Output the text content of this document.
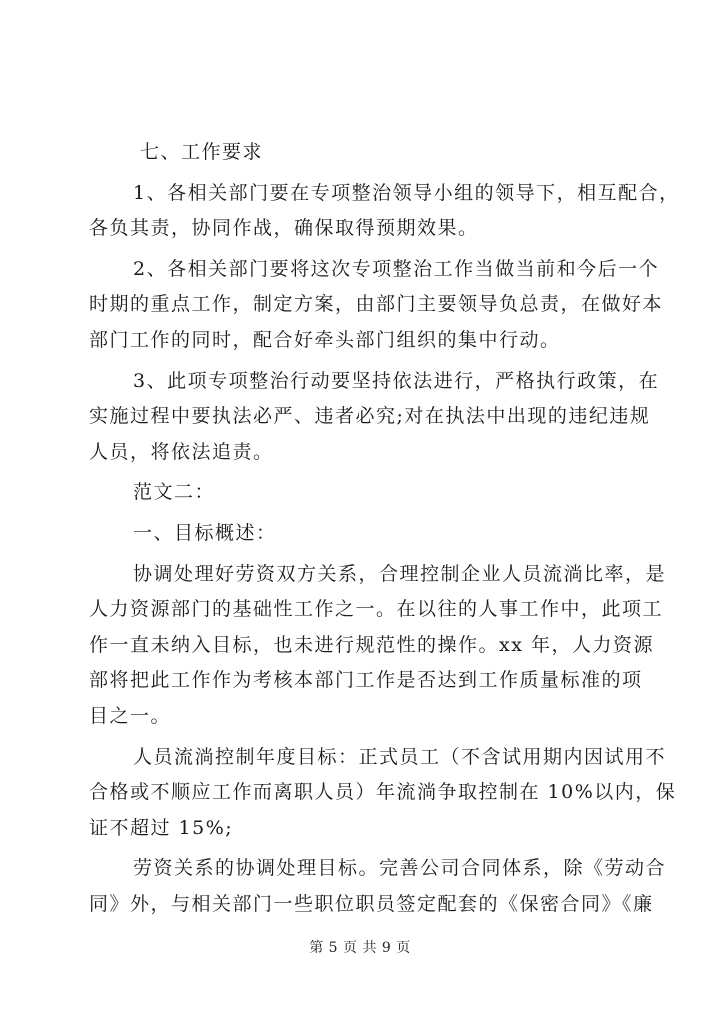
七、工作要求
1、各相关部门要在专项整治领导小组的领导下，相互配合，
各负其责，协同作战，确保取得预期效果。
2、各相关部门要将这次专项整治工作当做当前和今后一个
时期的重点工作，制定方案，由部门主要领导负总责，在做好本
部门工作的同时，配合好牵头部门组织的集中行动。
3、此项专项整治行动要坚持依法进行，严格执行政策，在
实施过程中要执法必严、违者必究;对在执法中出现的违纪违规
人员，将依法追责。
范文二：
一、目标概述：
协调处理好劳资双方关系，合理控制企业人员流淌比率，是
人力资源部门的基础性工作之一。在以往的人事工作中，此项工
作一直未纳入目标，也未进行规范性的操作。xx 年，人力资源
部将把此工作作为考核本部门工作是否达到工作质量标准的项
目之一。
人员流淌控制年度目标：正式员工（不含试用期内因试用不
合格或不顺应工作而离职人员）年流淌争取控制在 10%以内，保
证不超过 15%;
劳资关系的协调处理目标。完善公司合同体系，除《劳动合
同》外，与相关部门一些职位职员签定配套的《保密合同》《廉
第 5 页 共 9 页
